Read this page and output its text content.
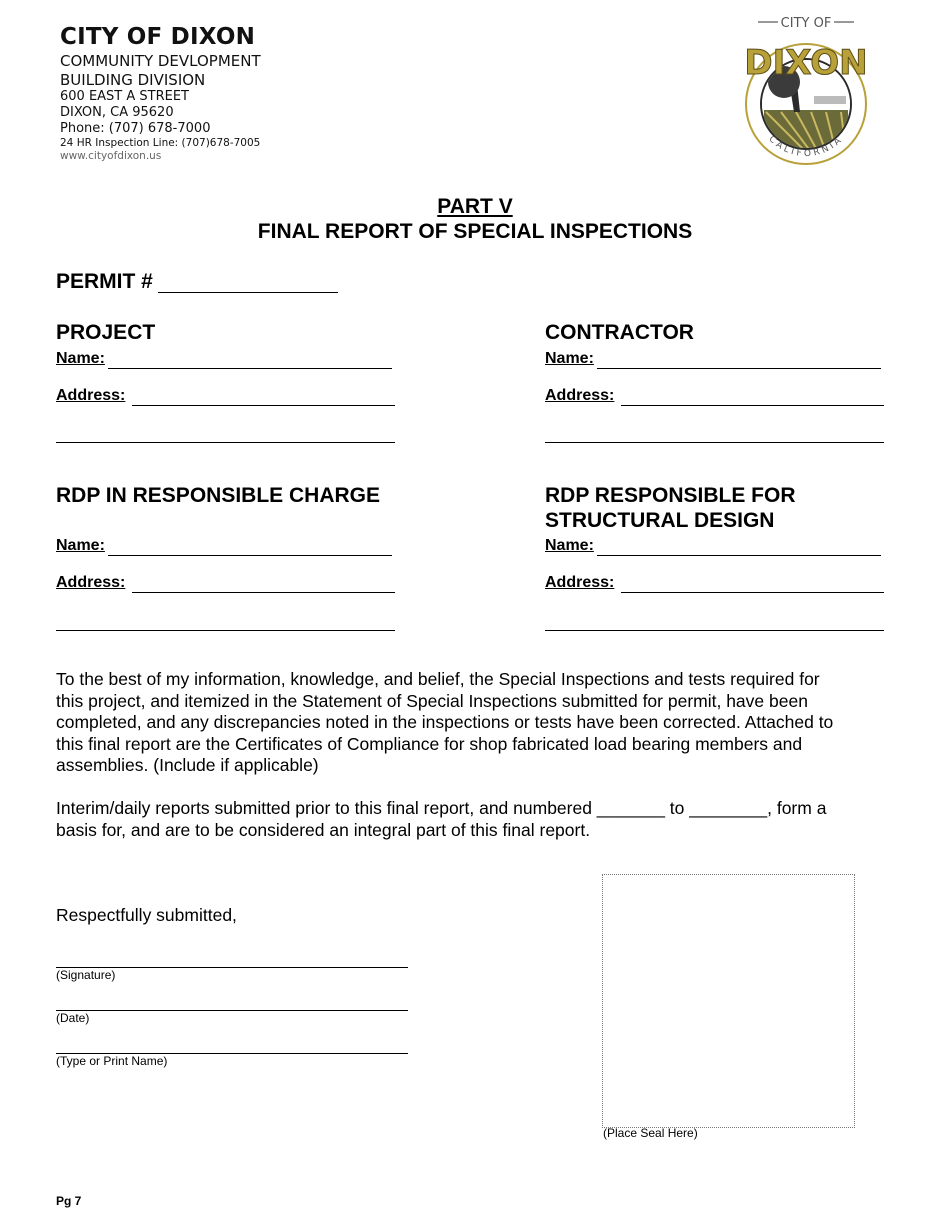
CITY OF DIXON
COMMUNITY DEVLOPMENT
BUILDING DIVISION
600 EAST A STREET
DIXON, CA 95620
Phone: (707) 678-7000
24 HR Inspection Line: (707)678-7005
www.cityofdixon.us
CITY OF
DIXON
CALIFORNIA
PART V
FINAL REPORT OF SPECIAL INSPECTIONS
PERMIT #
PROJECT
Name:
Address:
CONTRACTOR
Name:
Address:
RDP IN RESPONSIBLE CHARGE
Name:
Address:
RDP RESPONSIBLE FOR
STRUCTURAL DESIGN
Name:
Address:
To the best of my information, knowledge, and belief, the Special Inspections and tests required for
this project, and itemized in the Statement of Special Inspections submitted for permit, have been
completed, and any discrepancies noted in the inspections or tests have been corrected. Attached to
this final report are the Certificates of Compliance for shop fabricated load bearing members and
assemblies. (Include if applicable)
Interim/daily reports submitted prior to this final report, and numbered _______ to ________, form a
basis for, and are to be considered an integral part of this final report.
Respectfully submitted,
(Signature)
(Date)
(Type or Print Name)
(Place Seal Here)
Pg 7
